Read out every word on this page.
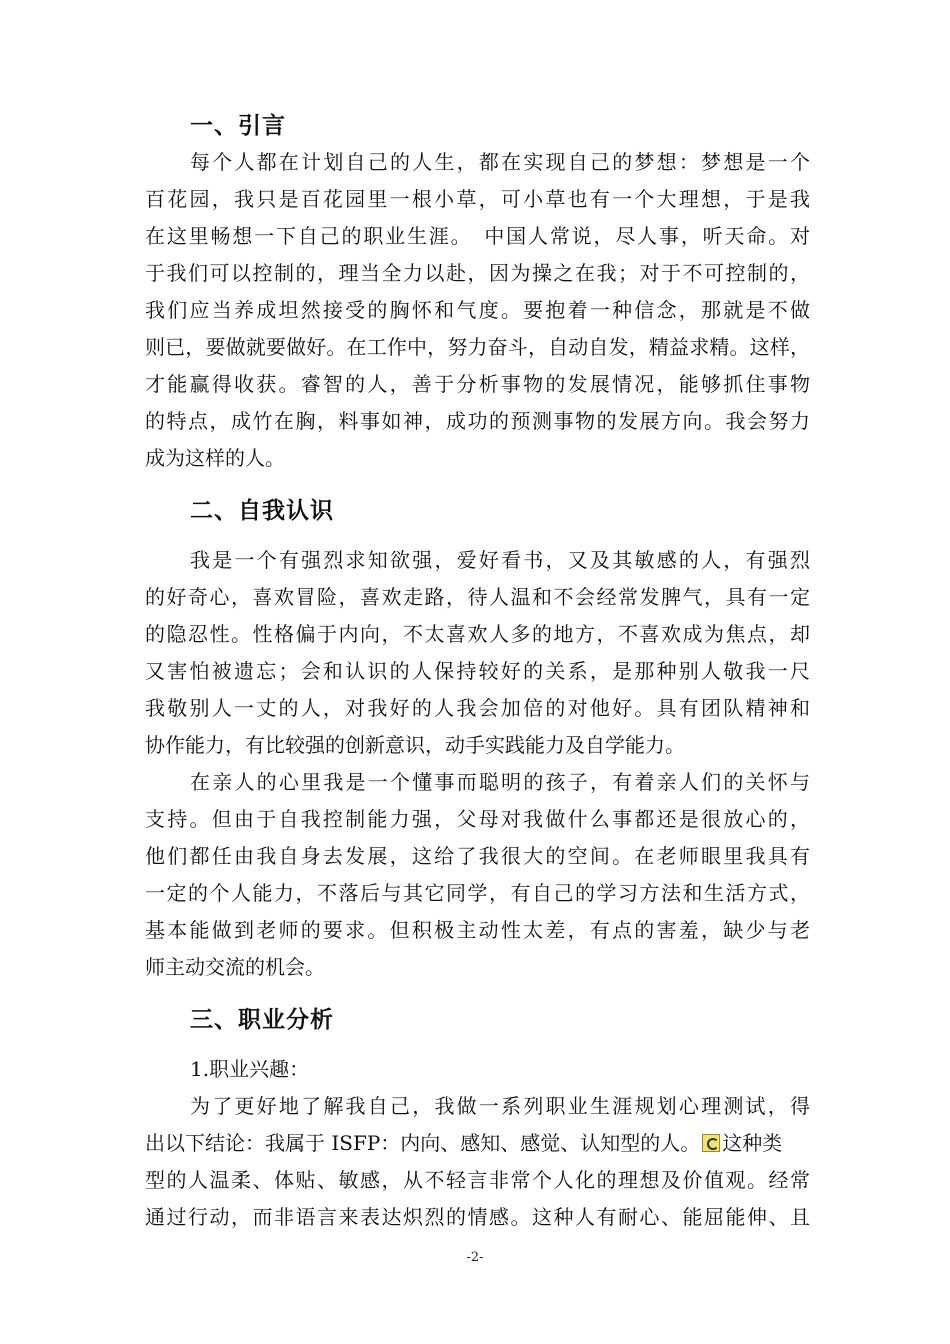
一、引言
每个人都在计划自己的人生，都在实现自己的梦想：梦想是一个
百花园，我只是百花园里一根小草，可小草也有一个大理想，于是我
在这里畅想一下自己的职业生涯。　中国人常说，尽人事，听天命。对
于我们可以控制的，理当全力以赴，因为操之在我；对于不可控制的，
我们应当养成坦然接受的胸怀和气度。要抱着一种信念，那就是不做
则已，要做就要做好。在工作中，努力奋斗，自动自发，精益求精。这样，
才能赢得收获。睿智的人，善于分析事物的发展情况，能够抓住事物
的特点，成竹在胸，料事如神，成功的预测事物的发展方向。我会努力
成为这样的人。
二、自我认识
我是一个有强烈求知欲强，爱好看书，又及其敏感的人，有强烈
的好奇心，喜欢冒险，喜欢走路，待人温和不会经常发脾气，具有一定
的隐忍性。性格偏于内向，不太喜欢人多的地方，不喜欢成为焦点，却
又害怕被遗忘；会和认识的人保持较好的关系，是那种别人敬我一尺
我敬别人一丈的人，对我好的人我会加倍的对他好。具有团队精神和
协作能力，有比较强的创新意识，动手实践能力及自学能力。
在亲人的心里我是一个懂事而聪明的孩子，有着亲人们的关怀与
支持。但由于自我控制能力强，父母对我做什么事都还是很放心的，
他们都任由我自身去发展，这给了我很大的空间。在老师眼里我具有
一定的个人能力，不落后与其它同学，有自己的学习方法和生活方式，
基本能做到老师的要求。但积极主动性太差，有点的害羞，缺少与老
师主动交流的机会。
三、职业分析
1.职业兴趣：
为了更好地了解我自己，我做一系列职业生涯规划心理测试，得
出以下结论：我属于 ISFP：内向、感知、感觉、认知型的人。 这种类
型的人温柔、体贴、敏感，从不轻言非常个人化的理想及价值观。经常
通过行动，而非语言来表达炽烈的情感。这种人有耐心、能屈能伸、且
-2-
